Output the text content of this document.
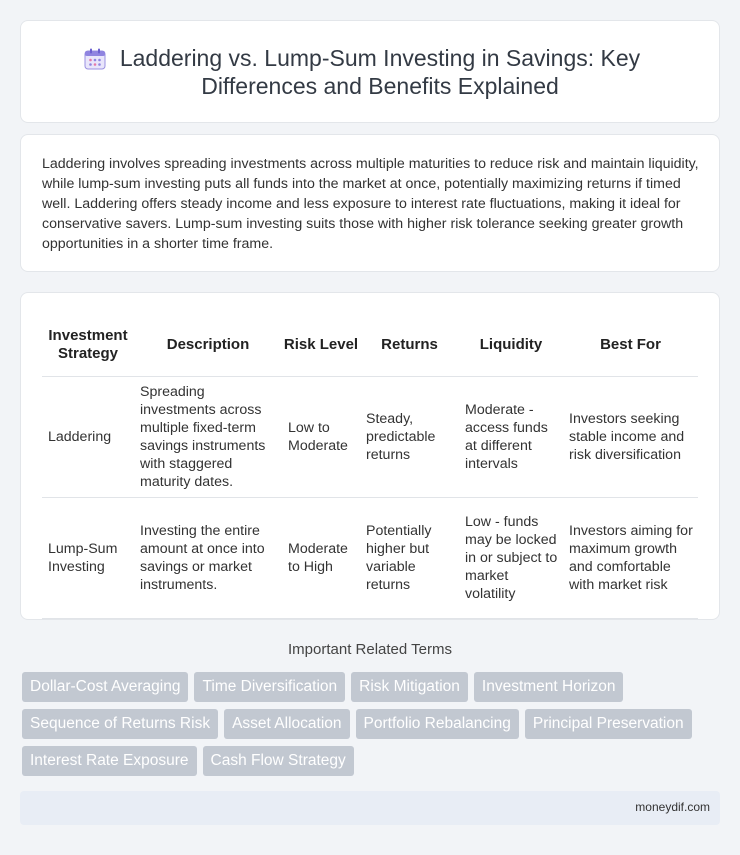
Laddering vs. Lump-Sum Investing in Savings: Key Differences and Benefits Explained

Laddering involves spreading investments across multiple maturities to reduce risk and maintain liquidity, while lump-sum investing puts all funds into the market at once, potentially maximizing returns if timed well. Laddering offers steady income and less exposure to interest rate fluctuations, making it ideal for conservative savers. Lump-sum investing suits those with higher risk tolerance seeking greater growth opportunities in a shorter time frame.

Investment Strategy	Description	Risk Level	Returns	Liquidity	Best For
Laddering	Spreading investments across multiple fixed-term savings instruments with staggered maturity dates.	Low to Moderate	Steady, predictable returns	Moderate - access funds at different intervals	Investors seeking stable income and risk diversification
Lump-Sum Investing	Investing the entire amount at once into savings or market instruments.	Moderate to High	Potentially higher but variable returns	Low - funds may be locked in or subject to market volatility	Investors aiming for maximum growth and comfortable with market risk
Important Related Terms
Dollar-Cost Averaging	Time Diversification	Risk Mitigation	Investment Horizon
Sequence of Returns Risk	Asset Allocation	Portfolio Rebalancing	Principal Preservation
Interest Rate Exposure	Cash Flow Strategy
moneydif.com
